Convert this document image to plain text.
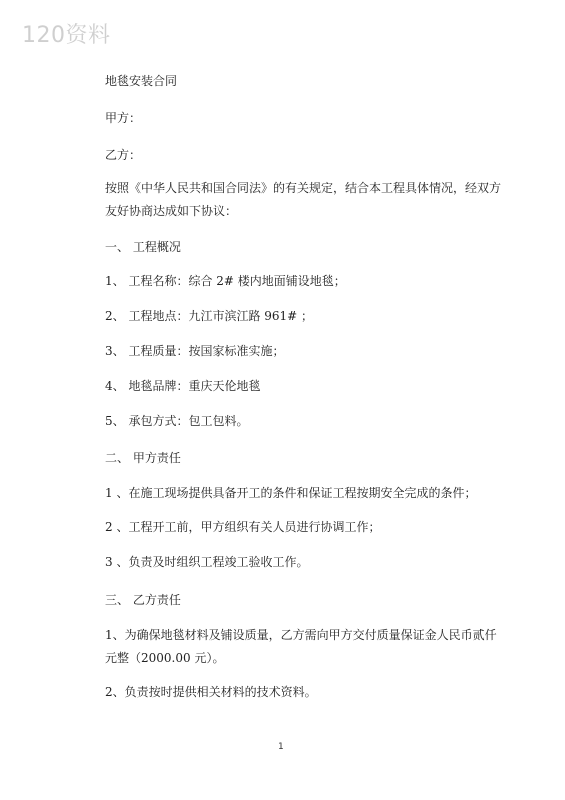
120资料
地毯安装合同
甲方：
乙方：
按照《中华人民共和国合同法》的有关规定，结合本工程具体情况，经双方
友好协商达成如下协议：
一、 工程概况
1、 工程名称：综合 2# 楼内地面铺设地毯；
2、 工程地点：九江市滨江路 961# ；
3、 工程质量：按国家标准实施；
4、 地毯品牌：重庆天伦地毯
5、 承包方式：包工包料。
二、 甲方责任
1 、在施工现场提供具备开工的条件和保证工程按期安全完成的条件；
2 、工程开工前，甲方组织有关人员进行协调工作；
3 、负责及时组织工程竣工验收工作。
三、 乙方责任
1、为确保地毯材料及铺设质量，乙方需向甲方交付质量保证金人民币贰仟
元整（2000.00 元）。
2、负责按时提供相关材料的技术资料。
1
